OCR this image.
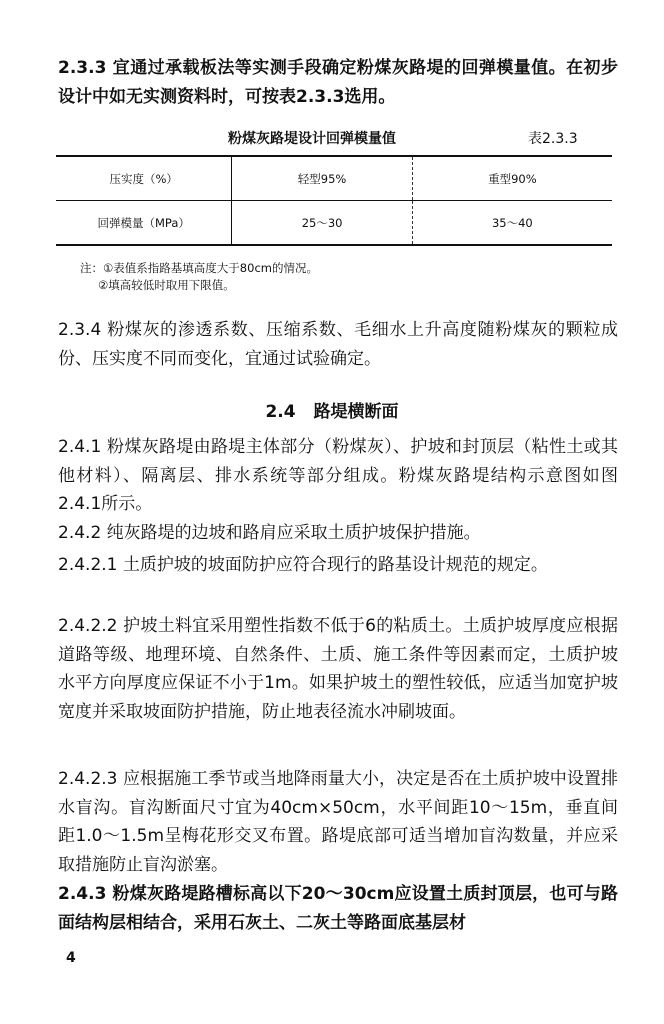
2.3.3 宜通过承载板法等实测手段确定粉煤灰路堤的回弹模量值。在初步设计中如无实测资料时，可按表2.3.3选用。

粉煤灰路堤设计回弹模量值	表2.3.3
压实度（%）	轻型95%	重型90%
回弹模量（MPa）	25～30	35～40
注：①表值系指路基填高度大于80cm的情况。
②填高较低时取用下限值。

2.3.4 粉煤灰的渗透系数、压缩系数、毛细水上升高度随粉煤灰的颗粒成份、压实度不同而变化，宜通过试验确定。

2.4 路堤横断面

2.4.1 粉煤灰路堤由路堤主体部分（粉煤灰）、护坡和封顶层（粘性土或其他材料）、隔离层、排水系统等部分组成。粉煤灰路堤结构示意图如图2.4.1所示。

2.4.2 纯灰路堤的边坡和路肩应采取土质护坡保护措施。

2.4.2.1 土质护坡的坡面防护应符合现行的路基设计规范的规定。

2.4.2.2 护坡土料宜采用塑性指数不低于6的粘质土。土质护坡厚度应根据道路等级、地理环境、自然条件、土质、施工条件等因素而定，土质护坡水平方向厚度应保证不小于1m。如果护坡土的塑性较低，应适当加宽护坡宽度并采取坡面防护措施，防止地表径流水冲刷坡面。

2.4.2.3 应根据施工季节或当地降雨量大小，决定是否在土质护坡中设置排水盲沟。盲沟断面尺寸宜为40cm×50cm，水平间距10～15m，垂直间距1.0～1.5m呈梅花形交叉布置。路堤底部可适当增加盲沟数量，并应采取措施防止盲沟淤塞。

2.4.3 粉煤灰路堤路槽标高以下20～30cm应设置土质封顶层，也可与路面结构层相结合，采用石灰土、二灰土等路面底基层材

4
